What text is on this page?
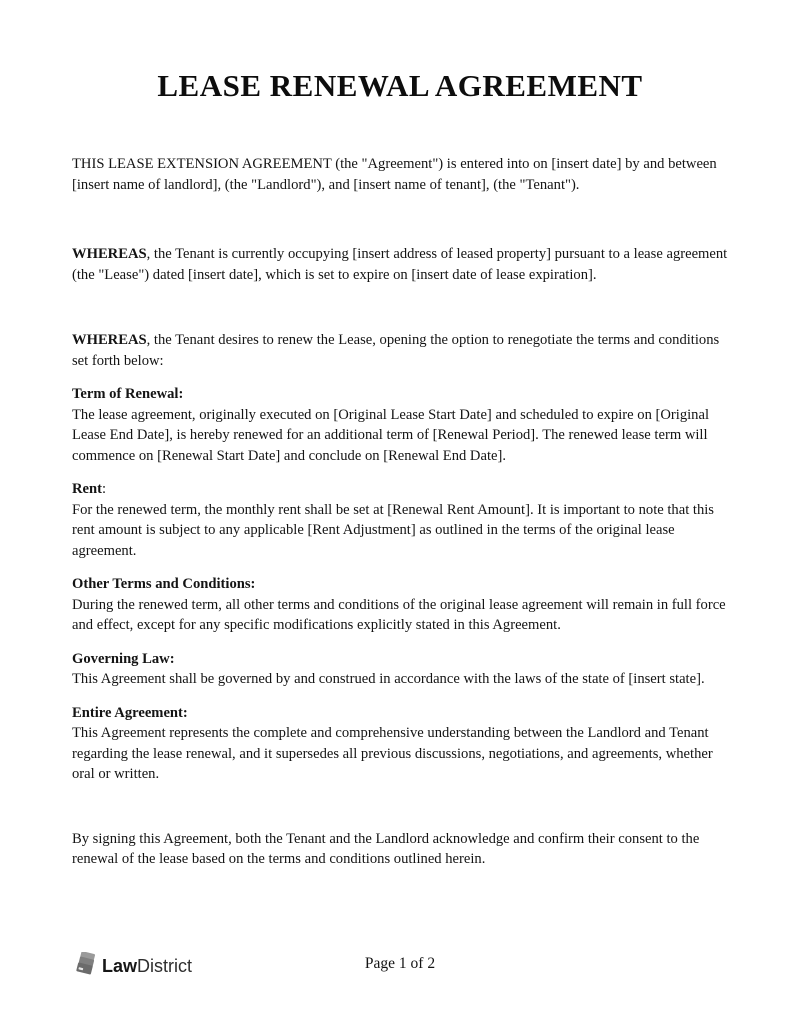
LEASE RENEWAL AGREEMENT

THIS LEASE EXTENSION AGREEMENT (the "Agreement") is entered into on [insert date] by and between [insert name of landlord], (the "Landlord"), and [insert name of tenant], (the "Tenant").

WHEREAS, the Tenant is currently occupying [insert address of leased property] pursuant to a lease agreement (the "Lease") dated [insert date], which is set to expire on [insert date of lease expiration].

WHEREAS, the Tenant desires to renew the Lease, opening the option to renegotiate the terms and conditions set forth below:

Term of Renewal:

The lease agreement, originally executed on [Original Lease Start Date] and scheduled to expire on [Original Lease End Date], is hereby renewed for an additional term of [Renewal Period]. The renewed lease term will commence on [Renewal Start Date] and conclude on [Renewal End Date].

Rent:

For the renewed term, the monthly rent shall be set at [Renewal Rent Amount]. It is important to note that this rent amount is subject to any applicable [Rent Adjustment] as outlined in the terms of the original lease agreement.

Other Terms and Conditions:

During the renewed term, all other terms and conditions of the original lease agreement will remain in full force and effect, except for any specific modifications explicitly stated in this Agreement.

Governing Law:

This Agreement shall be governed by and construed in accordance with the laws of the state of [insert state].

Entire Agreement:

This Agreement represents the complete and comprehensive understanding between the Landlord and Tenant regarding the lease renewal, and it supersedes all previous discussions, negotiations, and agreements, whether oral or written.

By signing this Agreement, both the Tenant and the Landlord acknowledge and confirm their consent to the renewal of the lease based on the terms and conditions outlined herein.

Law District	Page 1 of 2
